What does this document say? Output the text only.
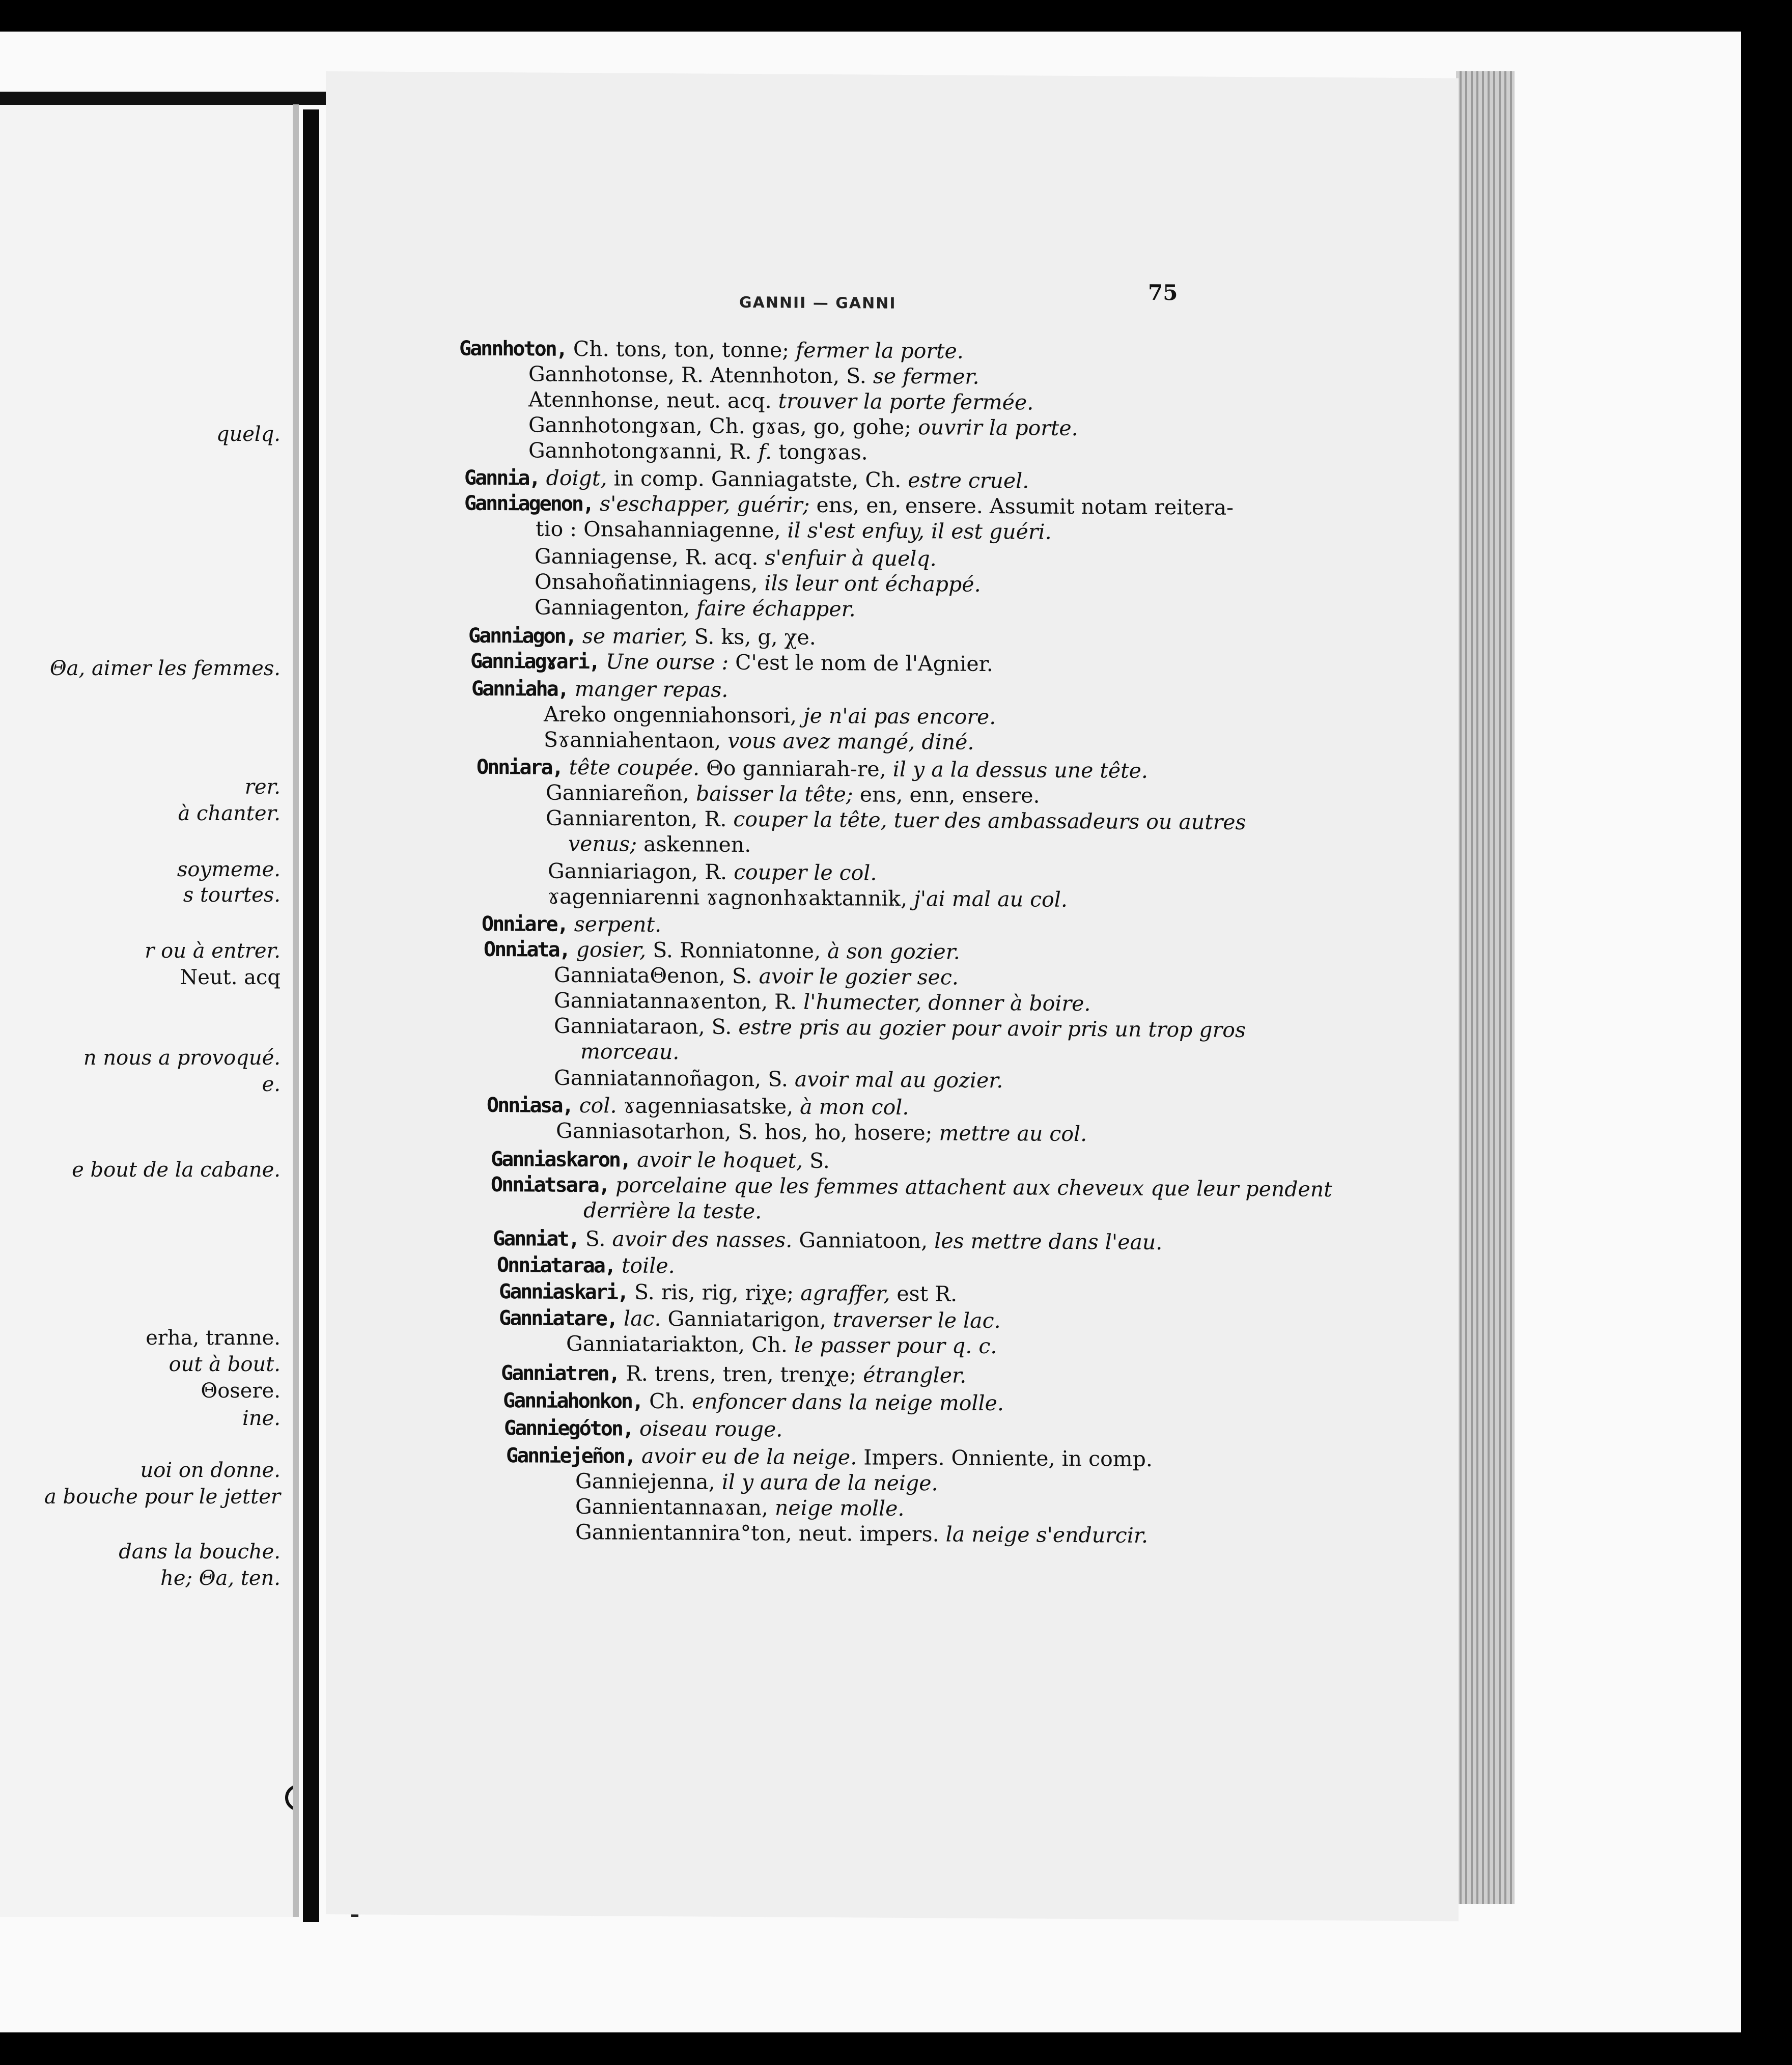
quelq.
Θa, aimer les femmes.
rer.
à chanter.
soymeme.
s tourtes.
r ou à entrer.
Neut. acq
n nous a provoqué.
e.
e bout de la cabane.
erha, tranne.
out à bout.
Θosere.
ine.
uoi on donne.
a bouche pour le jetter
dans la bouche.
he; Θa, ten.
GANNII — GANNI	75
Gannhoton, Ch. tons, ton, tonne; fermer la porte.
Gannhotonse, R. Atennhoton, S. se fermer.
Atennhonse, neut. acq. trouver la porte fermée.
Gannhotongɤan, Ch. gɤas, go, gohe; ouvrir la porte.
Gannhotongɤanni, R. f. tongɤas.
Gannia, doigt, in comp. Ganniagatste, Ch. estre cruel.
Ganniagenon, s'eschapper, guérir; ens, en, ensere. Assumit notam reitera-
tio : Onsahanniagenne, il s'est enfuy, il est guéri.
Ganniagense, R. acq. s'enfuir à quelq.
Onsahoñatinniagens, ils leur ont échappé.
Ganniagenton, faire échapper.
Ganniagon, se marier, S. ks, g, χe.
Ganniagɤari, Une ourse : C'est le nom de l'Agnier.
Ganniaha, manger repas.
Areko ongenniahonsori, je n'ai pas encore.
Sɤanniahentaon, vous avez mangé, diné.
Onniara, tête coupée. Θo ganniarah-re, il y a la dessus une tête.
Ganniareñon, baisser la tête; ens, enn, ensere.
Ganniarenton, R. couper la tête, tuer des ambassadeurs ou autres
venus; askennen.
Ganniariagon, R. couper le col.
ɤagenniarenni ɤagnonhɤaktannik, j'ai mal au col.
Onniare, serpent.
Onniata, gosier, S. Ronniatonne, à son gozier.
GanniataΘenon, S. avoir le gozier sec.
Ganniatannaɤenton, R. l'humecter, donner à boire.
Ganniataraon, S. estre pris au gozier pour avoir pris un trop gros
morceau.
Ganniatannoñagon, S. avoir mal au gozier.
Onniasa, col. ɤagenniasatske, à mon col.
Ganniasotarhon, S. hos, ho, hosere; mettre au col.
Ganniaskaron, avoir le hoquet, S.
Onniatsara, porcelaine que les femmes attachent aux cheveux que leur pendent
derrière la teste.
Ganniat, S. avoir des nasses. Ganniatoon, les mettre dans l'eau.
Onniataraa, toile.
Ganniaskari, S. ris, rig, riχe; agraffer, est R.
Ganniatare, lac. Ganniatarigon, traverser le lac.
Ganniatariakton, Ch. le passer pour q. c.
Ganniatren, R. trens, tren, trenχe; étrangler.
Ganniahonkon, Ch. enfoncer dans la neige molle.
Ganniegóton, oiseau rouge.
Ganniejeñon, avoir eu de la neige. Impers. Onniente, in comp.
Ganniejenna, il y aura de la neige.
Gannientannaɤan, neige molle.
Gannientannira°ton, neut. impers. la neige s'endurcir.
